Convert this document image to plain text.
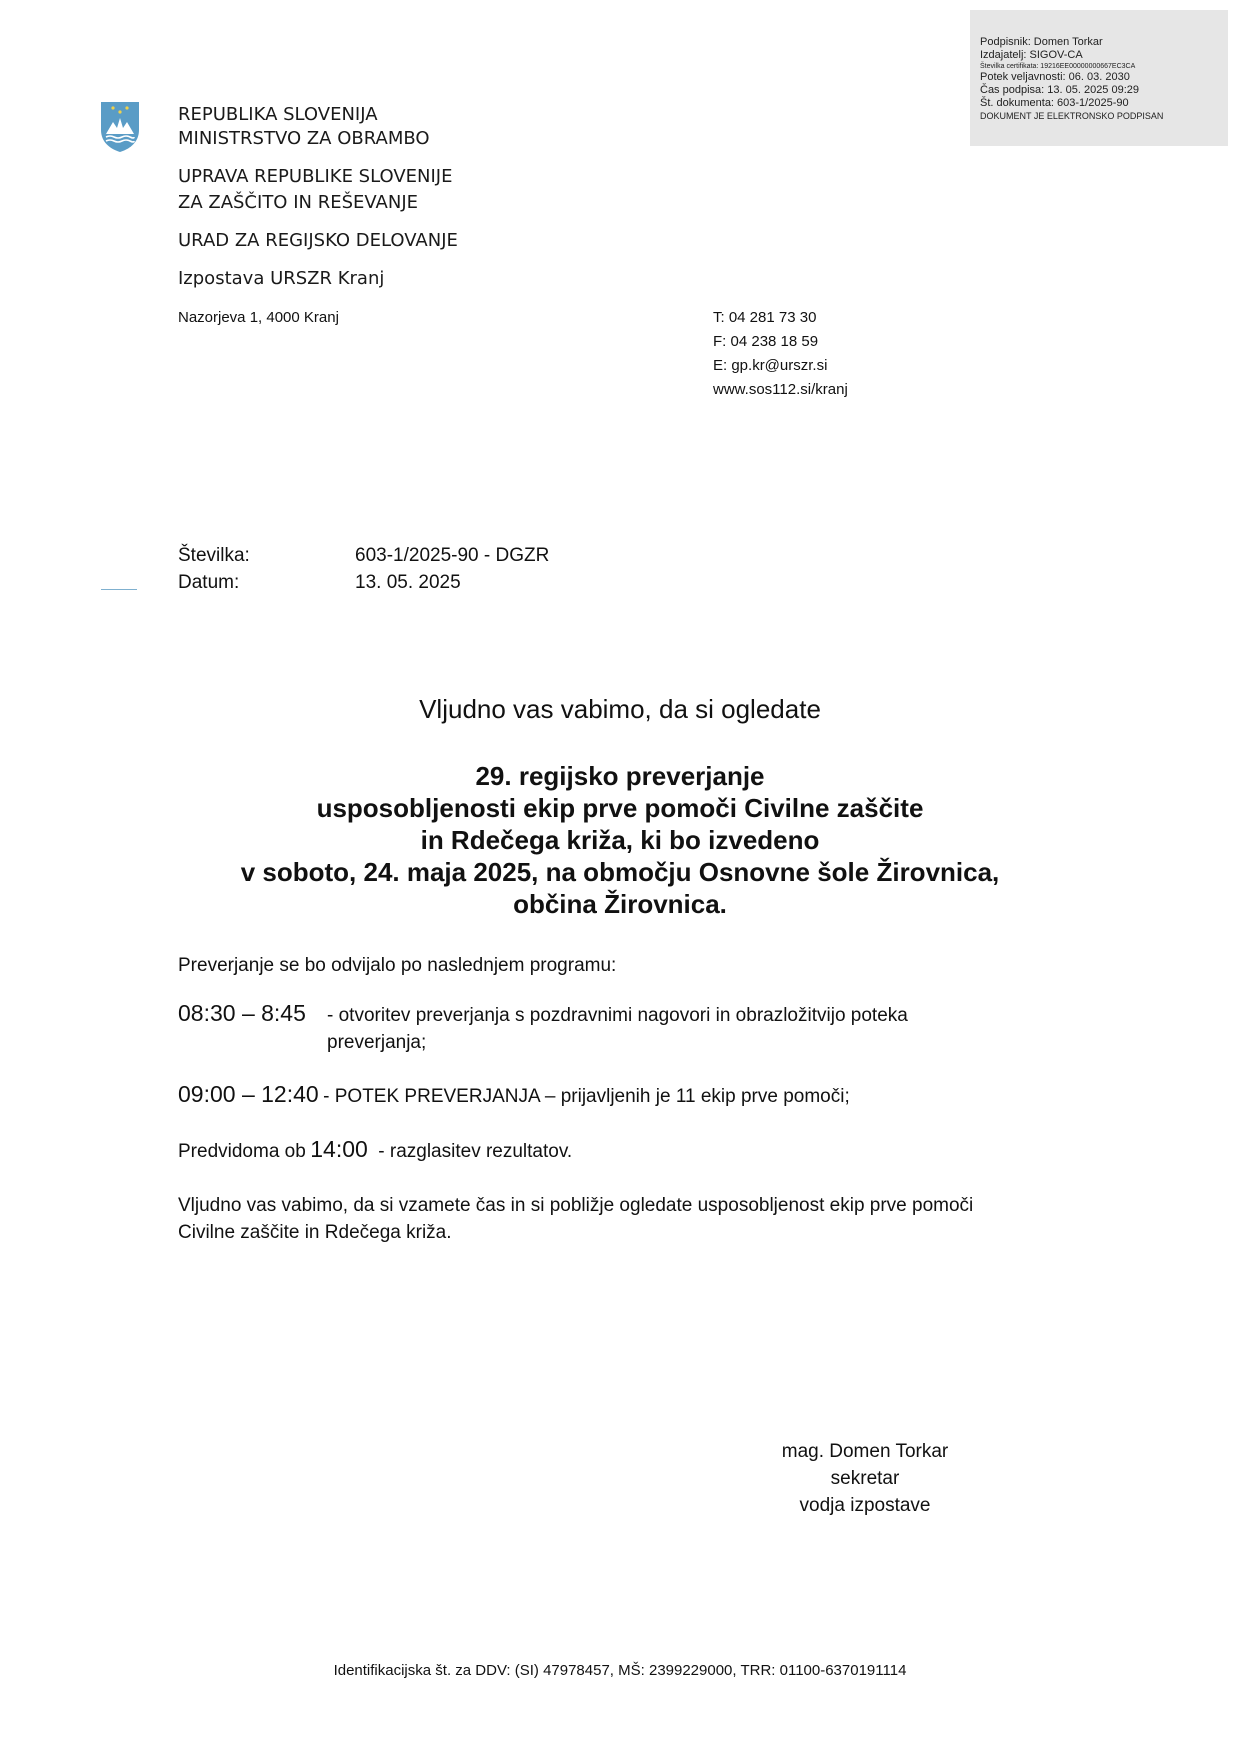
Podpisnik: Domen Torkar
Izdajatelj: SIGOV-CA
Številka certifikata: 19216EE00000000667EC3CA
Potek veljavnosti: 06. 03. 2030
Čas podpisa: 13. 05. 2025 09:29
Št. dokumenta: 603-1/2025-90
DOKUMENT JE ELEKTRONSKO PODPISAN
REPUBLIKA SLOVENIJA
MINISTRSTVO ZA OBRAMBO
UPRAVA REPUBLIKE SLOVENIJE
ZA ZAŠČITO IN REŠEVANJE
URAD ZA REGIJSKO DELOVANJE
Izpostava URSZR Kranj
Nazorjeva 1, 4000 Kranj	T: 04 281 73 30
F: 04 238 18 59
E: gp.kr@urszr.si
www.sos112.si/kranj
Številka:	603-1/2025-90 - DGZR
Datum:	13. 05. 2025
Vljudno vas vabimo, da si ogledate
29. regijsko preverjanje
usposobljenosti ekip prve pomoči Civilne zaščite
in Rdečega križa, ki bo izvedeno
v soboto, 24. maja 2025, na območju Osnovne šole Žirovnica,
občina Žirovnica.
Preverjanje se bo odvijalo po naslednjem programu:
08:30 – 8:45 - otvoritev preverjanja s pozdravnimi nagovori in obrazložitvijo poteka
preverjanja;
09:00 – 12:40 - POTEK PREVERJANJA – prijavljenih je 11 ekip prve pomoči;
Predvidoma ob 14:00 - razglasitev rezultatov.
Vljudno vas vabimo, da si vzamete čas in si pobližje ogledate usposobljenost ekip prve pomoči
Civilne zaščite in Rdečega križa.
mag. Domen Torkar
sekretar
vodja izpostave
Identifikacijska št. za DDV: (SI) 47978457, MŠ: 2399229000, TRR: 01100-6370191114
